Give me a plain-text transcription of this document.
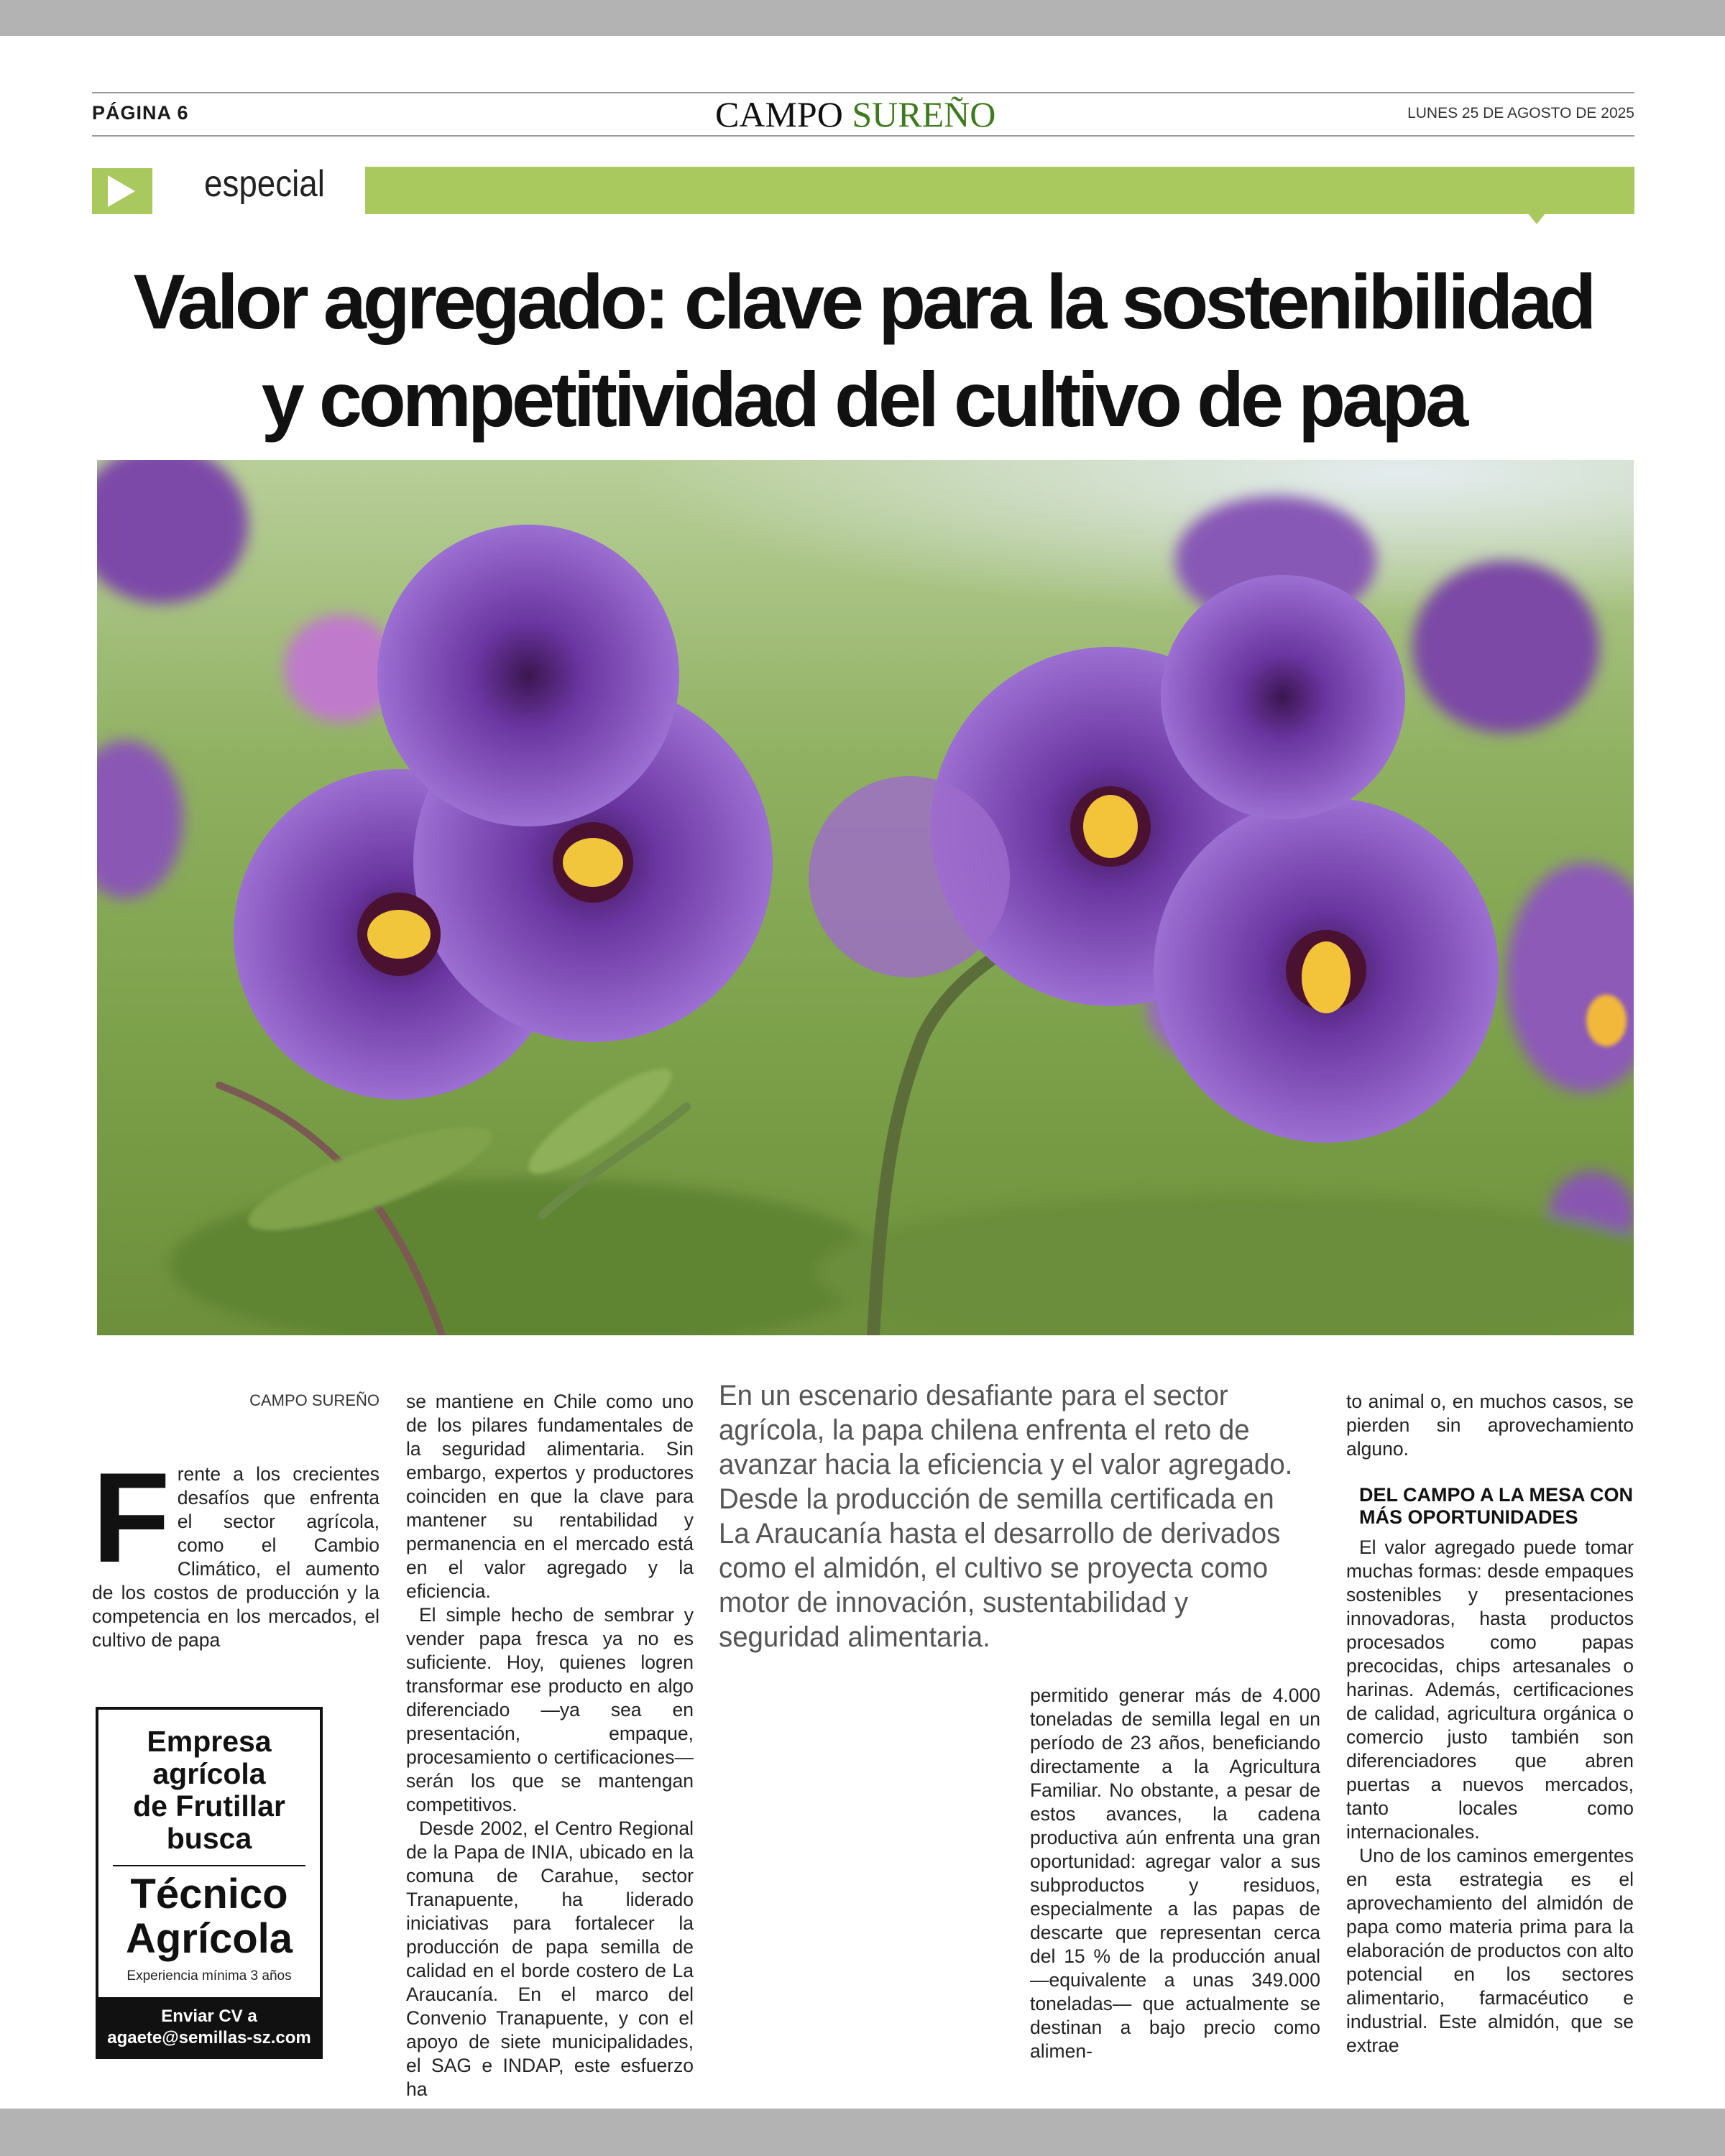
PÁGINA 6	CAMPO SUREÑO	LUNES 25 DE AGOSTO DE 2025
especial
Valor agregado: clave para la sostenibilidad
y competitividad del cultivo de papa
CAMPO SUREÑO

Frente a los crecientes desafíos que enfrenta el sector agrícola, como el Cambio Climático, el aumento de los costos de producción y la competencia en los mercados, el cultivo de papa

se mantiene en Chile como uno de los pilares fundamentales de la seguridad alimentaria. Sin embargo, expertos y productores coinciden en que la clave para mantener su rentabilidad y permanencia en el mercado está en el valor agregado y la eficiencia.

El simple hecho de sembrar y vender papa fresca ya no es suficiente. Hoy, quienes logren transformar ese producto en algo diferenciado —ya sea en presentación, empaque, procesamiento o certificaciones— serán los que se mantengan competitivos.

Desde 2002, el Centro Regional de la Papa de INIA, ubicado en la comuna de Carahue, sector Tranapuente, ha liderado iniciativas para fortalecer la producción de papa semilla de calidad en el borde costero de La Araucanía. En el marco del Convenio Tranapuente, y con el apoyo de siete municipalidades, el SAG e INDAP, este esfuerzo ha

En un escenario desafiante para el sector agrícola, la papa chilena enfrenta el reto de avanzar hacia la eficiencia y el valor agregado. Desde la producción de semilla certificada en La Araucanía hasta el desarrollo de derivados como el almidón, el cultivo se proyecta como motor de innovación, sustentabilidad y seguridad alimentaria.

permitido generar más de 4.000 toneladas de semilla legal en un período de 23 años, beneficiando directamente a la Agricultura Familiar. No obstante, a pesar de estos avances, la cadena productiva aún enfrenta una gran oportunidad: agregar valor a sus subproductos y residuos, especialmente a las papas de descarte que representan cerca del 15 % de la producción anual —equivalente a unas 349.000 toneladas— que actualmente se destinan a bajo precio como alimen-

to animal o, en muchos casos, se pierden sin aprovechamiento alguno.

DEL CAMPO A LA MESA CON MÁS OPORTUNIDADES

El valor agregado puede tomar muchas formas: desde empaques sostenibles y presentaciones innovadoras, hasta productos procesados como papas precocidas, chips artesanales o harinas. Además, certificaciones de calidad, agricultura orgánica o comercio justo también son diferenciadores que abren puertas a nuevos mercados, tanto locales como internacionales.

Uno de los caminos emergentes en esta estrategia es el aprovechamiento del almidón de papa como materia prima para la elaboración de productos con alto potencial en los sectores alimentario, farmacéutico e industrial. Este almidón, que se extrae

Empresa
agrícola
de Frutillar
busca
Técnico
Agrícola
Experiencia mínima 3 años
Enviar CV a
agaete@semillas-sz.com
